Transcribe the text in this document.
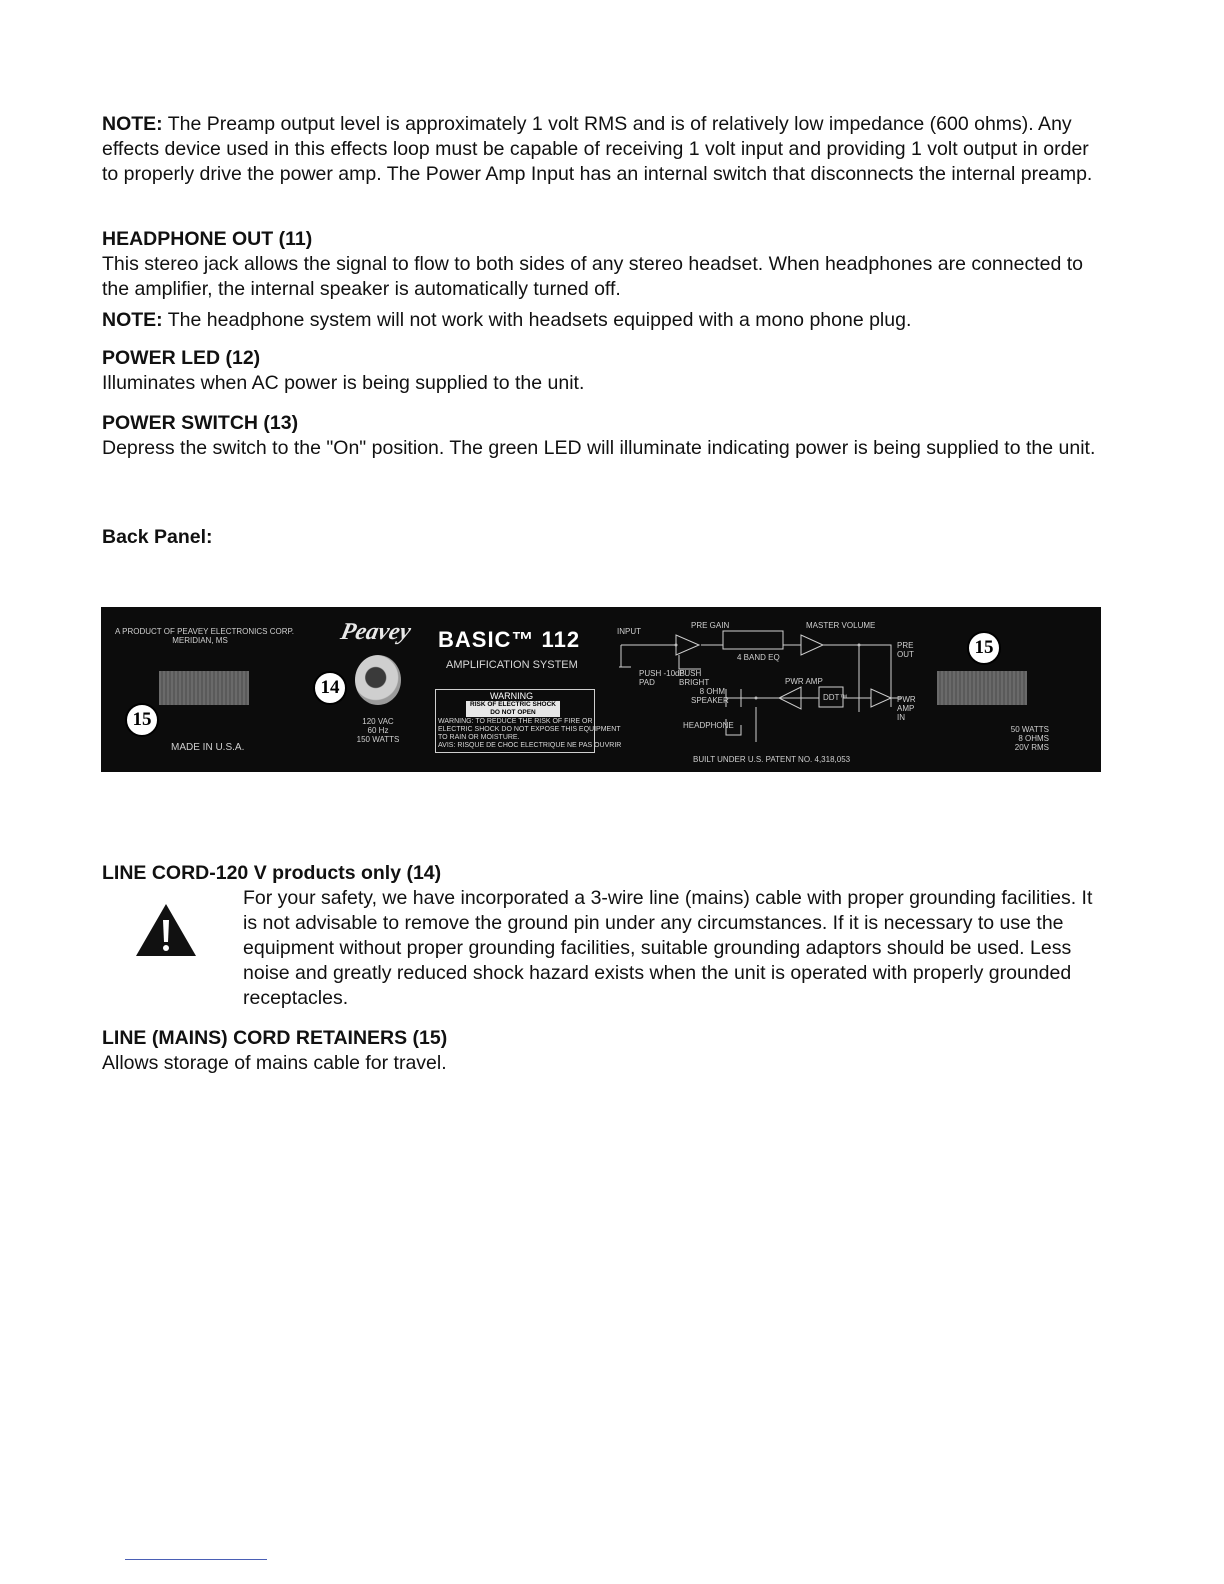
NOTE: The Preamp output level is approximately 1 volt RMS and is of relatively low impedance (600 ohms). Any effects device used in this effects loop must be capable of receiving 1 volt input and providing 1 volt output in order to properly drive the power amp. The Power Amp Input has an internal switch that disconnects the internal preamp.

HEADPHONE OUT (11)

This stereo jack allows the signal to flow to both sides of any stereo headset. When headphones are connected to the amplifier, the internal speaker is automatically turned off.

NOTE: The headphone system will not work with headsets equipped with a mono phone plug.

POWER LED (12)

Illuminates when AC power is being supplied to the unit.

POWER SWITCH (13)

Depress the switch to the "On" position. The green LED will illuminate indicating power is being supplied to the unit.

Back Panel:
A PRODUCT OF PEAVEY ELECTRONICS CORP.
MERIDIAN, MS
15
MADE IN U.S.A.
Peavey
14
120 VAC
60 Hz
150 WATTS
BASIC™ 112
AMPLIFICATION SYSTEM
WARNING
RISK OF ELECTRIC SHOCK
DO NOT OPEN
WARNING: TO REDUCE THE RISK OF FIRE OR
ELECTRIC SHOCK DO NOT EXPOSE THIS EQUIPMENT
TO RAIN OR MOISTURE.
AVIS: RISQUE DE CHOC ELECTRIQUE NE PAS OUVRIR
INPUT
PRE GAIN	MASTER VOLUME
4 BAND EQ
PUSH -10dB PAD
PUSH BRIGHT
8 OHM SPEAKER
PWR AMP
DDT™
HEADPHONE
PRE OUT
PWR AMP IN
BUILT UNDER U.S. PATENT NO. 4,318,053
15
50 WATTS
8 OHMS
20V RMS

LINE CORD-120 V products only (14)

For your safety, we have incorporated a 3-wire line (mains) cable with proper grounding facilities. It is not advisable to remove the ground pin under any circumstances. If it is necessary to use the equipment without proper grounding facilities, suitable grounding adaptors should be used. Less noise and greatly reduced shock hazard exists when the unit is operated with properly grounded receptacles.

LINE (MAINS) CORD RETAINERS (15)

Allows storage of mains cable for travel.
